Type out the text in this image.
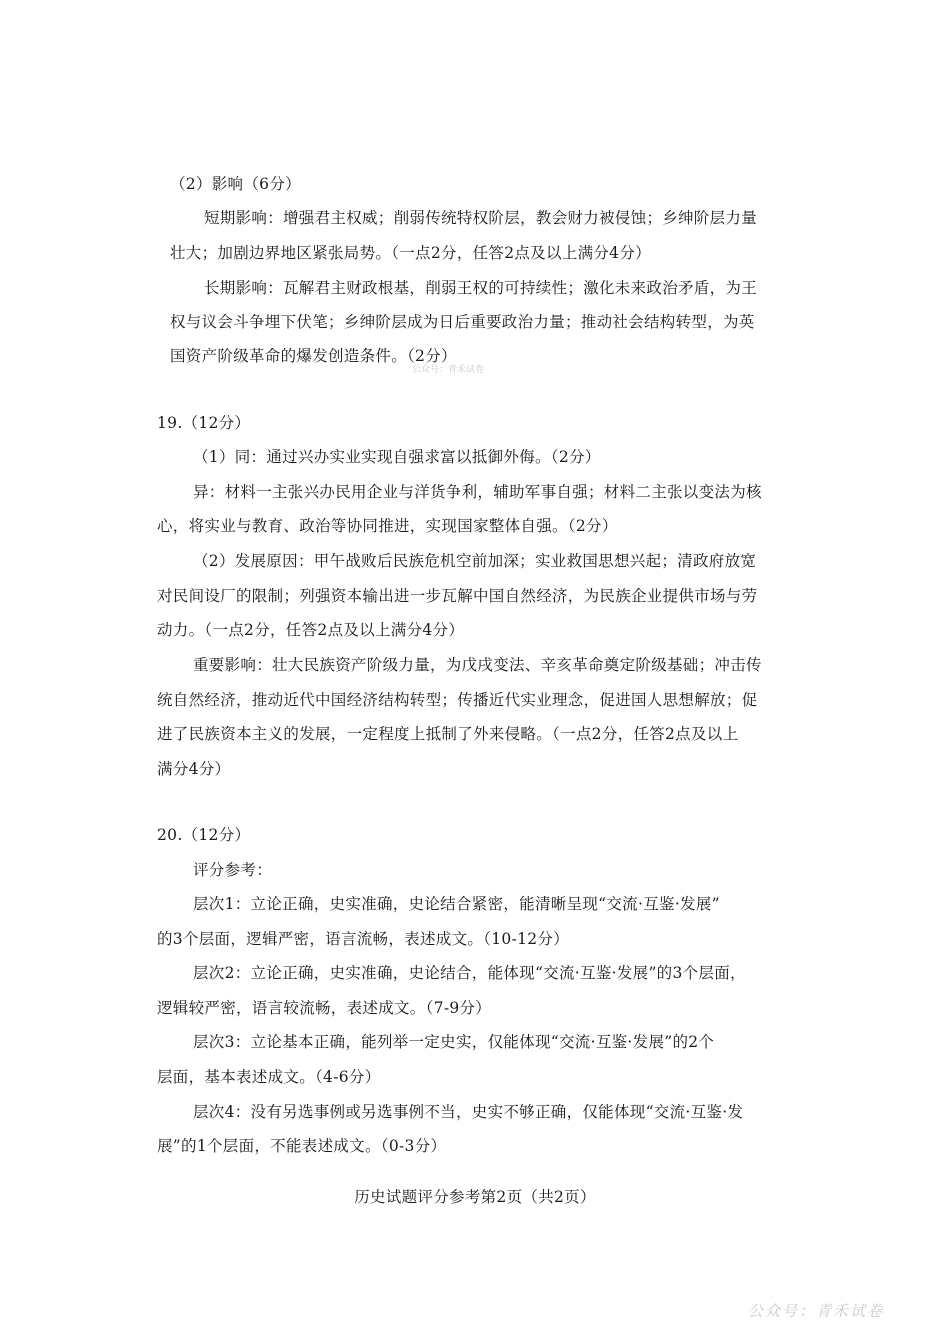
（2）影响（6分）

短期影响：增强君主权威；削弱传统特权阶层，教会财力被侵蚀；乡绅阶层力量

壮大；加剧边界地区紧张局势。（一点2分，任答2点及以上满分4分）

长期影响：瓦解君主财政根基，削弱王权的可持续性；激化未来政治矛盾，为王

权与议会斗争埋下伏笔；乡绅阶层成为日后重要政治力量；推动社会结构转型，为英

国资产阶级革命的爆发创造条件。（2分）

公众号：青禾试卷

19.（12分）

（1）同：通过兴办实业实现自强求富以抵御外侮。（2分）

异：材料一主张兴办民用企业与洋货争利，辅助军事自强；材料二主张以变法为核

心，将实业与教育、政治等协同推进，实现国家整体自强。（2分）

（2）发展原因：甲午战败后民族危机空前加深；实业救国思想兴起；清政府放宽

对民间设厂的限制；列强资本输出进一步瓦解中国自然经济，为民族企业提供市场与劳

动力。（一点2分，任答2点及以上满分4分）

重要影响：壮大民族资产阶级力量，为戊戌变法、辛亥革命奠定阶级基础；冲击传

统自然经济，推动近代中国经济结构转型；传播近代实业理念，促进国人思想解放；促

进了民族资本主义的发展，一定程度上抵制了外来侵略。（一点2分，任答2点及以上

满分4分）

20.（12分）

评分参考：

层次1：立论正确，史实准确，史论结合紧密，能清晰呈现“交流·互鉴·发展”

的3个层面，逻辑严密，语言流畅，表述成文。（10-12分）

层次2：立论正确，史实准确，史论结合，能体现“交流·互鉴·发展”的3个层面，

逻辑较严密，语言较流畅，表述成文。（7-9分）

层次3：立论基本正确，能列举一定史实，仅能体现“交流·互鉴·发展”的2个

层面，基本表述成文。（4-6分）

层次4：没有另选事例或另选事例不当，史实不够正确，仅能体现“交流·互鉴·发

展”的1个层面，不能表述成文。（0-3分）

历史试题评分参考第2页（共2页）

公众号：青禾试卷
